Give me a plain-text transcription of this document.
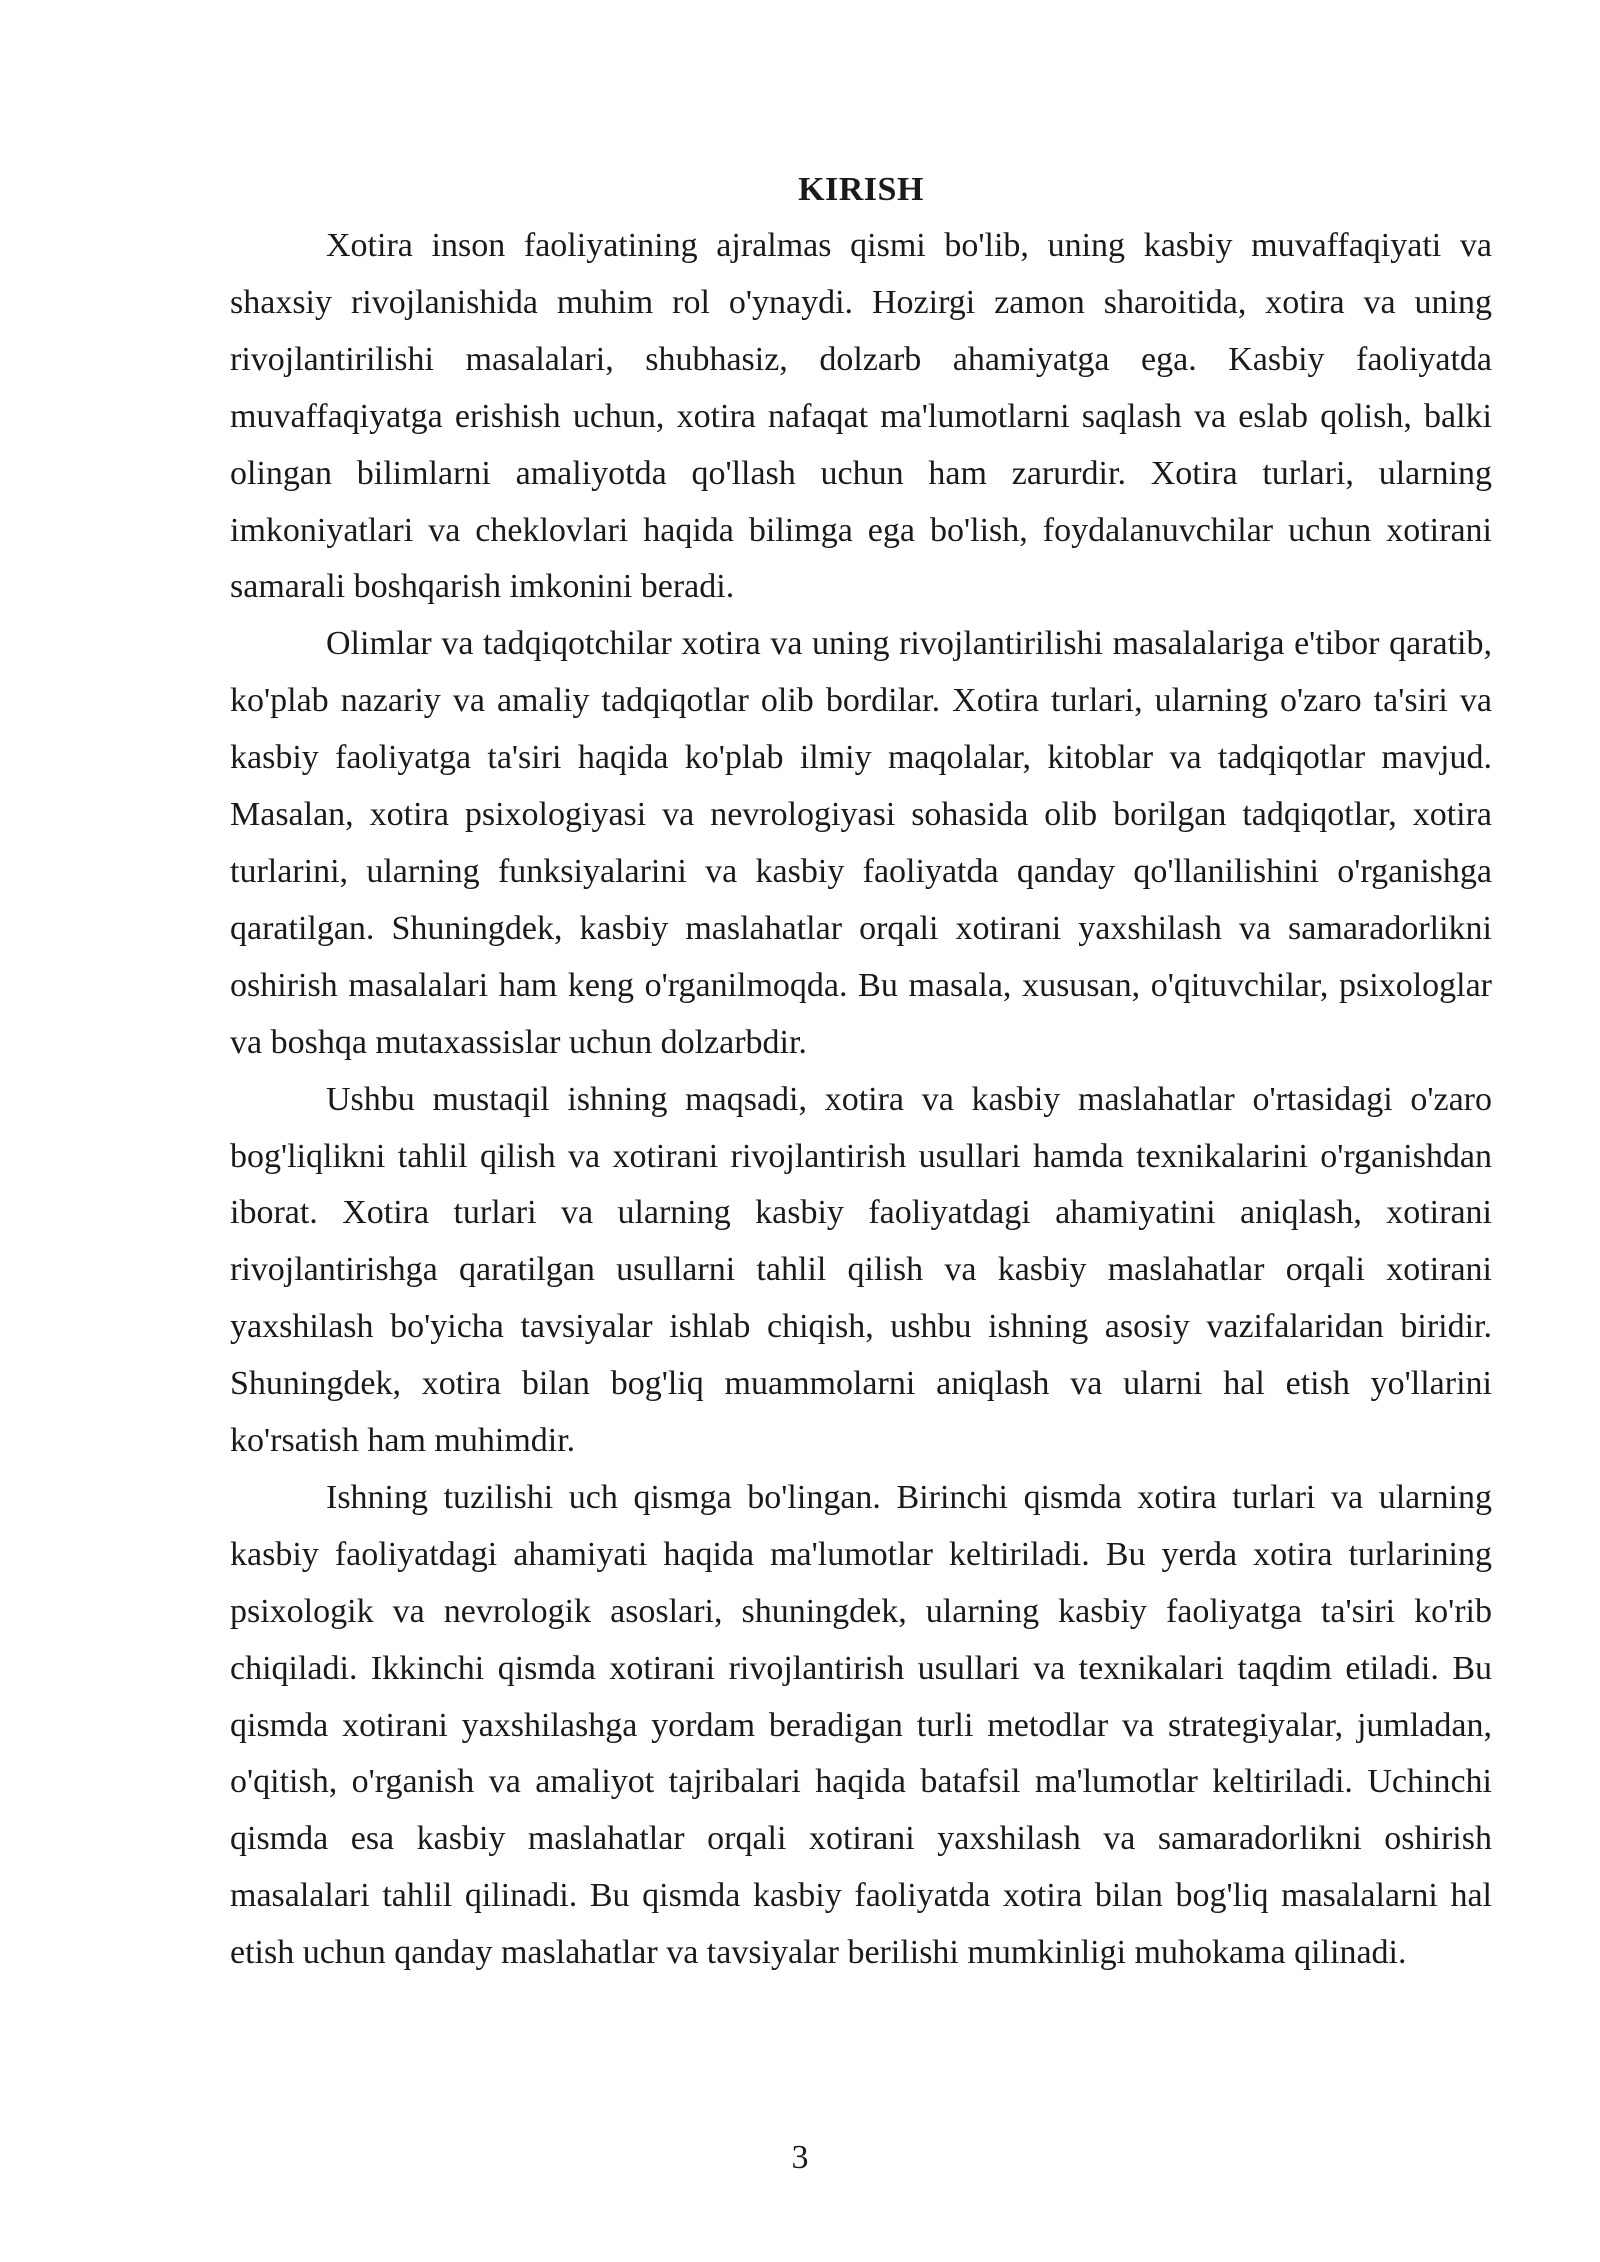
KIRISH

Xotira inson faoliyatining ajralmas qismi bo'lib, uning kasbiy muvaffaqiyati va shaxsiy rivojlanishida muhim rol o'ynaydi. Hozirgi zamon sharoitida, xotira va uning rivojlantirilishi masalalari, shubhasiz, dolzarb ahamiyatga ega. Kasbiy faoliyatda muvaffaqiyatga erishish uchun, xotira nafaqat ma'lumotlarni saqlash va eslab qolish, balki olingan bilimlarni amaliyotda qo'llash uchun ham zarurdir. Xotira turlari, ularning imkoniyatlari va cheklovlari haqida bilimga ega bo'lish, foydalanuvchilar uchun xotirani samarali boshqarish imkonini beradi.

Olimlar va tadqiqotchilar xotira va uning rivojlantirilishi masalalariga e'tibor qaratib, ko'plab nazariy va amaliy tadqiqotlar olib bordilar. Xotira turlari, ularning o'zaro ta'siri va kasbiy faoliyatga ta'siri haqida ko'plab ilmiy maqolalar, kitoblar va tadqiqotlar mavjud. Masalan, xotira psixologiyasi va nevrologiyasi sohasida olib borilgan tadqiqotlar, xotira turlarini, ularning funksiyalarini va kasbiy faoliyatda qanday qo'llanilishini o'rganishga qaratilgan. Shuningdek, kasbiy maslahatlar orqali xotirani yaxshilash va samaradorlikni oshirish masalalari ham keng o'rganilmoqda. Bu masala, xususan, o'qituvchilar, psixologlar va boshqa mutaxassislar uchun dolzarbdir.

Ushbu mustaqil ishning maqsadi, xotira va kasbiy maslahatlar o'rtasidagi o'zaro bog'liqlikni tahlil qilish va xotirani rivojlantirish usullari hamda texnikalarini o'rganishdan iborat. Xotira turlari va ularning kasbiy faoliyatdagi ahamiyatini aniqlash, xotirani rivojlantirishga qaratilgan usullarni tahlil qilish va kasbiy maslahatlar orqali xotirani yaxshilash bo'yicha tavsiyalar ishlab chiqish, ushbu ishning asosiy vazifalaridan biridir. Shuningdek, xotira bilan bog'liq muammolarni aniqlash va ularni hal etish yo'llarini ko'rsatish ham muhimdir.

Ishning tuzilishi uch qismga bo'lingan. Birinchi qismda xotira turlari va ularning kasbiy faoliyatdagi ahamiyati haqida ma'lumotlar keltiriladi. Bu yerda xotira turlarining psixologik va nevrologik asoslari, shuningdek, ularning kasbiy faoliyatga ta'siri ko'rib chiqiladi. Ikkinchi qismda xotirani rivojlantirish usullari va texnikalari taqdim etiladi. Bu qismda xotirani yaxshilashga yordam beradigan turli metodlar va strategiyalar, jumladan, o'qitish, o'rganish va amaliyot tajribalari haqida batafsil ma'lumotlar keltiriladi. Uchinchi qismda esa kasbiy maslahatlar orqali xotirani yaxshilash va samaradorlikni oshirish masalalari tahlil qilinadi. Bu qismda kasbiy faoliyatda xotira bilan bog'liq masalalarni hal etish uchun qanday maslahatlar va tavsiyalar berilishi mumkinligi muhokama qilinadi.

3
